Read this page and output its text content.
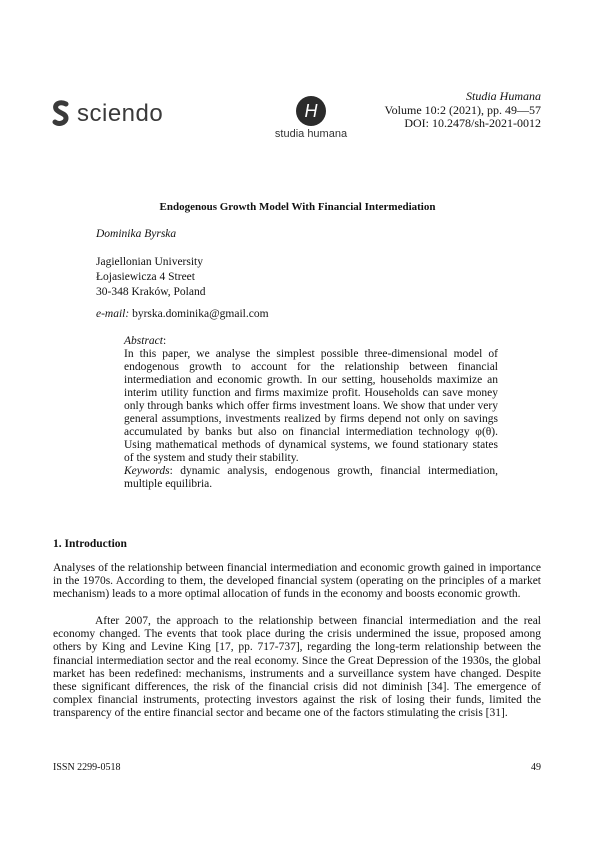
sciendo	H
studia humana

Studia Humana
Volume 10:2 (2021), pp. 49—57
DOI: 10.2478/sh-2021-0012
Endogenous Growth Model With Financial Intermediation
Dominika Byrska
Jagiellonian University
Łojasiewicza 4 Street
30-348 Kraków, Poland
e-mail: byrska.dominika@gmail.com

Abstract:

In this paper, we analyse the simplest possible three-dimensional model of endogenous growth to account for the relationship between financial intermediation and economic growth. In our setting, households maximize an interim utility function and firms maximize profit. Households can save money only through banks which offer firms investment loans. We show that under very general assumptions, investments realized by firms depend not only on savings accumulated by banks but also on financial intermediation technology φ(θ). Using mathematical methods of dynamical systems, we found stationary states of the system and study their stability.

Keywords: dynamic analysis, endogenous growth, financial intermediation, multiple equilibria.

1. Introduction

Analyses of the relationship between financial intermediation and economic growth gained in importance in the 1970s. According to them, the developed financial system (operating on the principles of a market mechanism) leads to a more optimal allocation of funds in the economy and boosts economic growth.

After 2007, the approach to the relationship between financial intermediation and the real economy changed. The events that took place during the crisis undermined the issue, proposed among others by King and Levine King [17, pp. 717-737], regarding the long-term relationship between the financial intermediation sector and the real economy. Since the Great Depression of the 1930s, the global market has been redefined: mechanisms, instruments and a surveillance system have changed. Despite these significant differences, the risk of the financial crisis did not diminish [34]. The emergence of complex financial instruments, protecting investors against the risk of losing their funds, limited the transparency of the entire financial sector and became one of the factors stimulating the crisis [31].

ISSN 2299-0518	49
